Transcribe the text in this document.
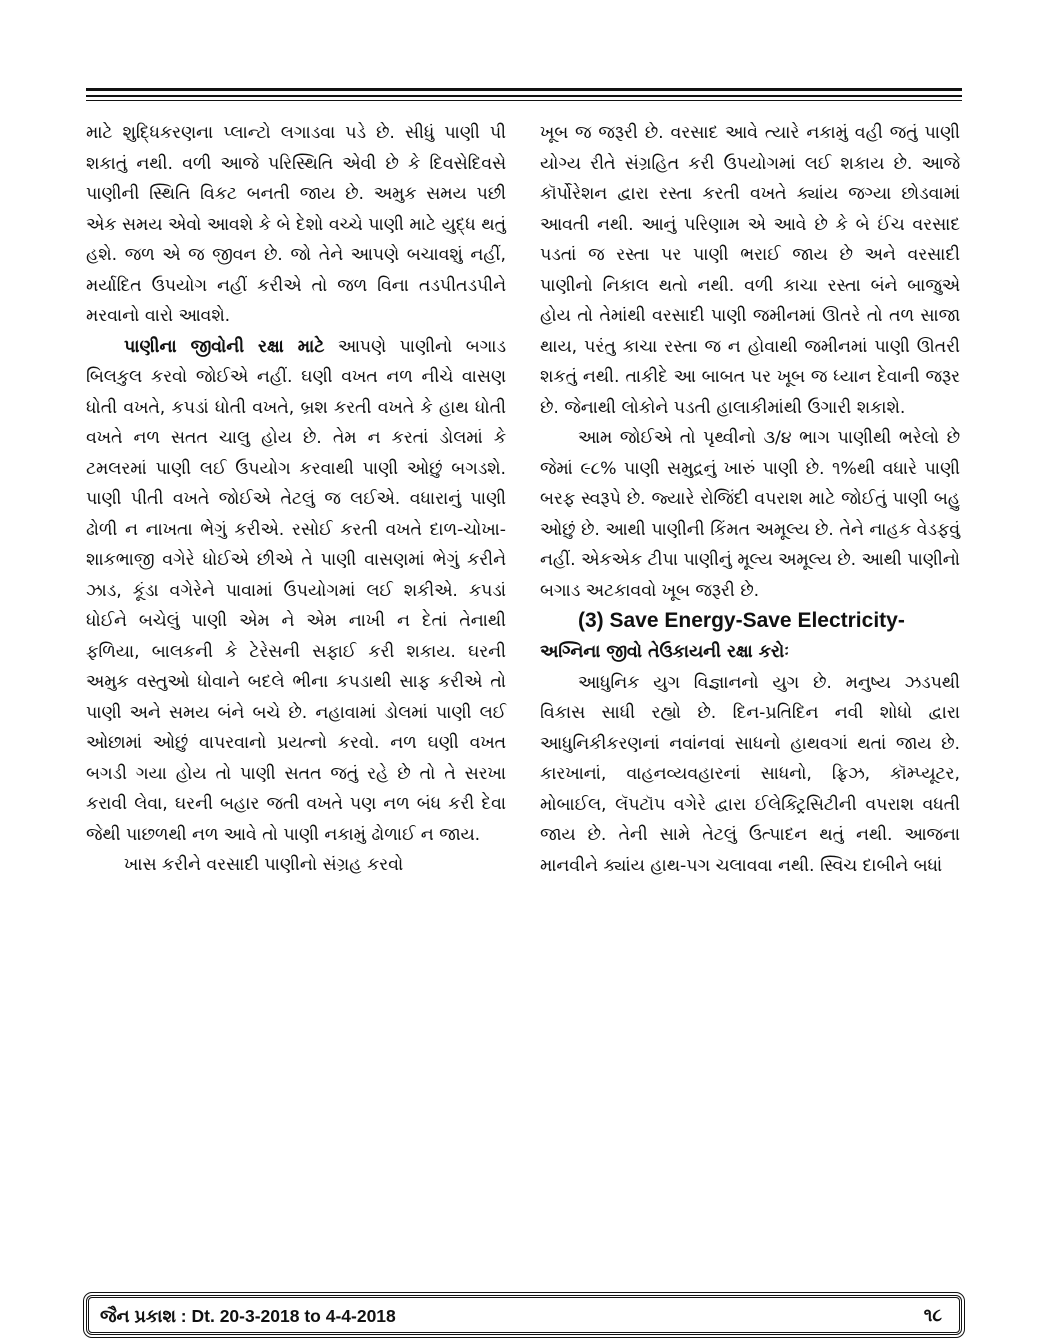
માટે શુદ્ધિકરણના પ્લાન્ટો લગાડવા પડે છે. સીધું પાણી પી શકાતું નથી. વળી આજે પરિસ્થિતિ એવી છે કે દિવસેદિવસે પાણીની સ્થિતિ વિકટ બનતી જાય છે. અમુક સમય પછી એક સમય એવો આવશે કે બે દેશો વચ્ચે પાણી માટે યુદ્ધ થતું હશે. જળ એ જ જીવન છે. જો તેને આપણે બચાવશું નહીં, મર્યાદિત ઉપયોગ નહીં કરીએ તો જળ વિના તડપીતડપીને મરવાનો વારો આવશે.

પાણીના જીવોની રક્ષા માટે આપણે પાણીનો બગાડ બિલકુલ કરવો જોઈએ નહીં. ઘણી વખત નળ નીચે વાસણ ધોતી વખતે, કપડાં ધોતી વખતે, બ્રશ કરતી વખતે કે હાથ ધોતી વખતે નળ સતત ચાલુ હોય છે. તેમ ન કરતાં ડોલમાં કે ટમલરમાં પાણી લઈ ઉપયોગ કરવાથી પાણી ઓછું બગડશે. પાણી પીતી વખતે જોઈએ તેટલું જ લઈએ. વધારાનું પાણી ઢોળી ન નાખતા ભેગું કરીએ. રસોઈ કરતી વખતે દાળ-ચોખા-શાકભાજી વગેરે ધોઈએ છીએ તે પાણી વાસણમાં ભેગું કરીને ઝાડ, કૂંડા વગેરેને પાવામાં ઉપયોગમાં લઈ શકીએ. કપડાં ધોઈને બચેલું પાણી એમ ને એમ નાખી ન દેતાં તેનાથી ફળિયા, બાલકની કે ટેરેસની સફાઈ કરી શકાય. ઘરની અમુક વસ્તુઓ ધોવાને બદલે ભીના કપડાથી સાફ કરીએ તો પાણી અને સમય બંને બચે છે. નહાવામાં ડોલમાં પાણી લઈ ઓછામાં ઓછું વાપરવાનો પ્રયત્નો કરવો. નળ ઘણી વખત બગડી ગયા હોય તો પાણી સતત જતું રહે છે તો તે સરખા કરાવી લેવા, ઘરની બહાર જતી વખતે પણ નળ બંધ કરી દેવા જેથી પાછળથી નળ આવે તો પાણી નકામું ઢોળાઈ ન જાય.

ખાસ કરીને વરસાદી પાણીનો સંગ્રહ કરવો

ખૂબ જ જરૂરી છે. વરસાદ આવે ત્યારે નકામું વહી જતું પાણી યોગ્ય રીતે સંગ્રહિત કરી ઉપયોગમાં લઈ શકાય છે. આજે કૉર્પોરેશન દ્વારા રસ્તા કરતી વખતે ક્યાંય જગ્યા છોડવામાં આવતી નથી. આનું પરિણામ એ આવે છે કે બે ઈંચ વરસાદ પડતાં જ રસ્તા પર પાણી ભરાઈ જાય છે અને વરસાદી પાણીનો નિકાલ થતો નથી. વળી કાચા રસ્તા બંને બાજુએ હોય તો તેમાંથી વરસાદી પાણી જમીનમાં ઊતરે તો તળ સાજા થાય, પરંતુ કાચા રસ્તા જ ન હોવાથી જમીનમાં પાણી ઊતરી શકતું નથી. તાકીદે આ બાબત પર ખૂબ જ ધ્યાન દેવાની જરૂર છે. જેનાથી લોકોને પડતી હાલાકીમાંથી ઉગારી શકાશે.

આમ જોઈએ તો પૃથ્વીનો ૩/૪ ભાગ પાણીથી ભરેલો છે જેમાં ૯૮% પાણી સમુદ્રનું ખારું પાણી છે. ૧%થી વધારે પાણી બરફ સ્વરૂપે છે. જ્યારે રોજિંદી વપરાશ માટે જોઈતું પાણી બહુ ઓછું છે. આથી પાણીની કિંમત અમૂલ્ય છે. તેને નાહક વેડફવું નહીં. એકએક ટીપા પાણીનું મૂલ્ય અમૂલ્ય છે. આથી પાણીનો બગાડ અટકાવવો ખૂબ જરૂરી છે.

(3) Save Energy-Save Electricity-

અગ્નિના જીવો તેઉકાયની રક્ષા કરોઃ

આધુનિક યુગ વિજ્ઞાનનો યુગ છે. મનુષ્ય ઝડપથી વિકાસ સાધી રહ્યો છે. દિન-પ્રતિદિન નવી શોધો દ્વારા આધુનિકીકરણનાં નવાંનવાં સાધનો હાથવગાં થતાં જાય છે. કારખાનાં, વાહનવ્યવહારનાં સાધનો, ફ્રિઝ, કૉમ્પ્યૂટર, મોબાઈલ, લૅપટૉપ વગેરે દ્વારા ઈલેક્ટ્રિસિટીની વપરાશ વધતી જાય છે. તેની સામે તેટલું ઉત્પાદન થતું નથી. આજના માનવીને ક્યાંય હાથ-પગ ચલાવવા નથી. સ્વિચ દાબીને બધાં

જૈન પ્રકાશ : Dt. 20-3-2018 to 4-4-2018	૧૮
